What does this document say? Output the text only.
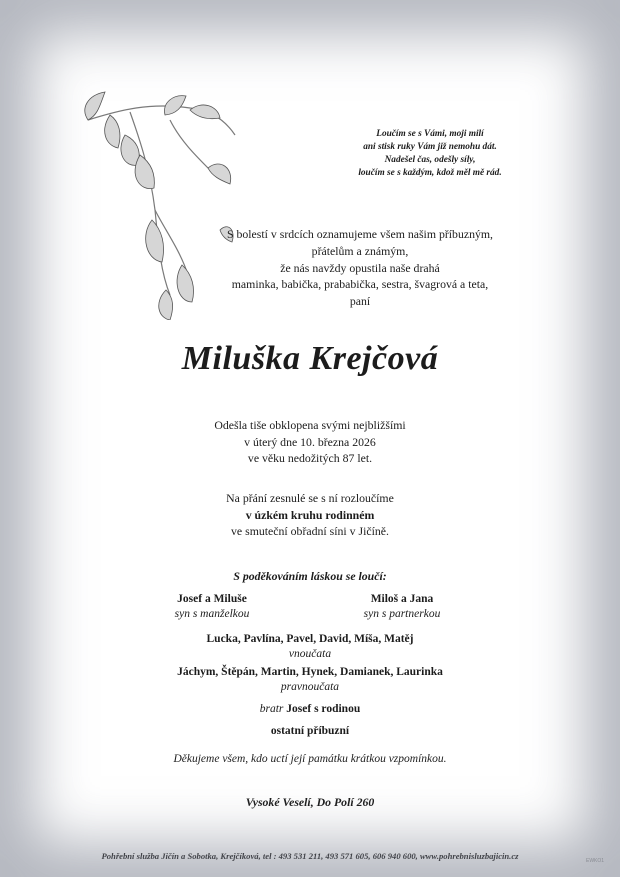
Loučím se s Vámi, moji milí
ani stisk ruky Vám již nemohu dát.
Nadešel čas, odešly síly,
loučím se s každým, kdož měl mě rád.
S bolestí v srdcích oznamujeme všem našim příbuzným,
přátelům a známým,
že nás navždy opustila naše drahá
maminka, babička, prababička, sestra, švagrová a teta,
paní
Miluška Krejčová
Odešla tiše obklopena svými nejbližšími
v úterý dne 10. března 2026
ve věku nedožitých 87 let.
Na přání zesnulé se s ní rozloučíme
v úzkém kruhu rodinném
ve smuteční obřadní síni v Jičíně.
S poděkováním láskou se loučí:
Josef a Miluše
syn s manželkou
Miloš a Jana
syn s partnerkou
Lucka, Pavlína, Pavel, David, Míša, Matěj
vnoučata
Jáchym, Štěpán, Martin, Hynek, Damianek, Laurinka
pravnoučata
bratr Josef s rodinou
ostatní příbuzní
Děkujeme všem, kdo uctí její památku krátkou vzpomínkou.
Vysoké Veselí, Do Polí 260
Pohřební služba Jičín a Sobotka, Krejčíková, tel : 493 531 211, 493 571 605, 606 940 600, www.pohrebnisluzbajicin.cz	EWKO1
